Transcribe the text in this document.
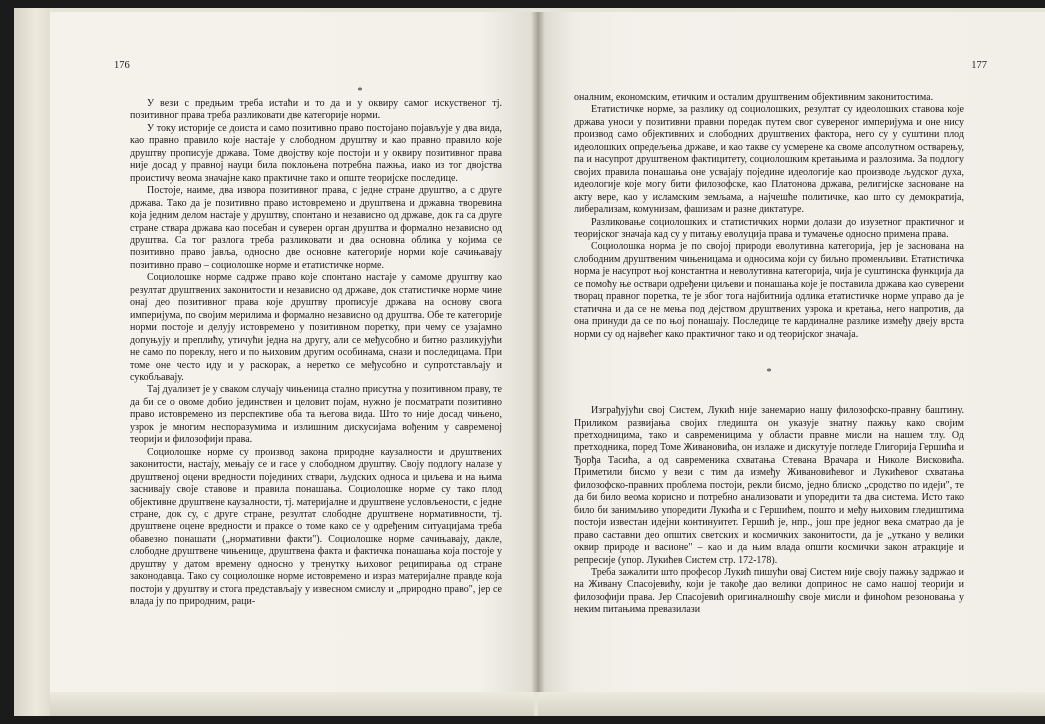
176
*

У вези с предњим треба истаћи и то да и у оквиру самог искуственог тј. позитивног права треба разликовати две категорије норми.

У току историје се доиста и само позитивно право постојано појављује у два вида, као правно правило које настаје у слободном друштву и као правно правило које друштву прописује држава. Томе двојству које постоји и у оквиру позитивног права није досад у правној науци била поклоњена потребна пажња, иако из тог двојства проистичу веома значајне како практичне тако и опште теоријске последице.

Постоје, наиме, два извора позитивног права, с једне стране друштво, а с друге држава. Тако да је позитивно право истовремено и друштвена и државна творевина која једним делом настаје у друштву, спонтано и независно од државе, док га са друге стране ствара држава као посебан и суверен орган друштва и формално независно од друштва. Са тог разлога треба разликовати и два основна облика у којима се позитивно право јавља, односно две основне категорије норми које сачињавају позитивно право – социолошке норме и етатистичке норме.

Социолошке норме садрже право које спонтано настаје у самоме друштву као резултат друштвених законитости и независно од државе, док статистичке норме чине онај део позитивног права које друштву прописује држава на основу свога империјума, по својим мерилима и формално независно од друштва. Обе те категорије норми постоје и делују истовремено у позитивном поретку, при чему се узајамно допуњују и преплићу, утичући једна на другу, али се међусобно и битно разликујући не само по пореклу, него и по њиховим другим особинама, снази и последицама. При томе оне често иду и у раскорак, а неретко се међусобно и супротстављају и сукобљавају.

Тај дуализет је у сваком случају чињеница стално присутна у позитивном праву, те да би се о овоме добио јединствен и целовит појам, нужно је посматрати позитивно право истовремено из перспективе оба та његова вида. Што то није досад чињено, узрок је многим неспоразумима и излишним дискусијама вођеним у савременој теорији и филозофији права.

Социолошке норме су производ закона природне каузалности и друштвених законитости, настају, мењају се и гасе у слободном друштву. Своју подлогу налазе у друштвеној оцени вредности појединих ствари, људских односа и циљева и на њима заснивају своје ставове и правила понашања. Социолошке норме су тако плод објективне друштвене каузалности, тј. материјалне и друштвене условљености, с једне стране, док су, с друге стране, резултат слободне друштвене нормативности, тј. друштвене оцене вредности и праксе о томе како се у одређеним ситуацијама треба обавезно понашати („нормативни факти"). Социолошке норме сачињавају, дакле, слободне друштвене чињенице, друштвена факта и фактичка понашања која постоје у друштву у датом времену односно у тренутку њиховог реципирања од стране законодавца. Тако су социолошке норме истовремено и израз материјалне правде која постоји у друштву и стога представљају у извесном смислу и „природно право", јер се влада ју по природним, раци-

177

оналним, економским, етичким и осталим друштвеним објективним законитостима.

Етатистичке норме, за разлику од социолошких, резултат су идеолошких ставова које држава уноси у позитивни правни поредак путем свог сувереног империјума и оне нису производ само објективних и слободних друштвених фактора, него су у суштини плод идеолошких опредељења државе, и као такве су усмерене ка своме апсолутном остварењу, па и насупрот друштвеном фактицитету, социолошким кретањима и разлозима. За подлогу својих правила понашања оне усвајају поједине идеологије као производе људског духа, идеологије које могу бити филозофске, као Платонова држава, религијске засноване на акту вере, као у исламским земљама, а најчешће политичке, као што су демократија, либерализам, комунизам, фашизам и разне диктатуре.

Разликовање социолошких и статистичких норми долази до изузетног практичног и теоријског значаја кад су у питању еволуција права и тумачење односно примена права.

Социолошка норма је по својој природи еволутивна категорија, јер је заснована на слободним друштвеним чињеницама и односима који су биљно променљиви. Етатистичка норма је насупрот њој константна и неволутивна категорија, чија је суштинска функција да се помоћу ње оствари одређени циљеви и понашања које је поставила држава као суверени творац правног поретка, те је због тога најбитнија одлика етатистичке норме управо да је статична и да се не мења под дејством друштвених узрока и кретања, него напротив, да она принуди да се по њој понашају. Последице те кардиналне разлике између двеју врста норми су од највећег како практичног тако и од теоријског значаја.

*

Изграђујући свој Систем, Лукић није занемарио нашу филозофско-правну баштину. Приликом развијања својих гледишта он указује знатну пажњу како својим претходницима, тако и савременицима у области правне мисли на нашем тлу. Од претходника, поред Томе Живановића, он излаже и дискутује погледе Глигорија Гершића и Ђорђа Тасића, а од савременика схватања Стевана Врачара и Николе Висковића. Приметили бисмо у вези с тим да између Живановићевог и Лукићевог схватања филозофско-правних проблема постоји, рекли бисмо, једно блиско „сродство по идеји", те да би било веома корисно и потребно анализовати и упоредити та два система. Исто тако било би занимљиво упоредити Лукића и с Гершићем, пошто и међу њиховим гледиштима постоји известан идејни континуитет. Гершић је, нпр., још пре једног века сматрао да је право саставни део општих светских и космичких законитости, да је „уткано у велики оквир природе и васионе" – као и да њим влада општи космички закон атракције и репресије (упор. Лукићев Систем стр. 172-178).

Треба зажалити што професор Лукић пишући овај Систем није своју пажњу задржао и на Живану Спасојевићу, који је такође дао велики допринос не само нашој теорији и филозофији права. Јер Спасојевић оригиналношћу своје мисли и финоћом резоновања у неким питањима превазилази
